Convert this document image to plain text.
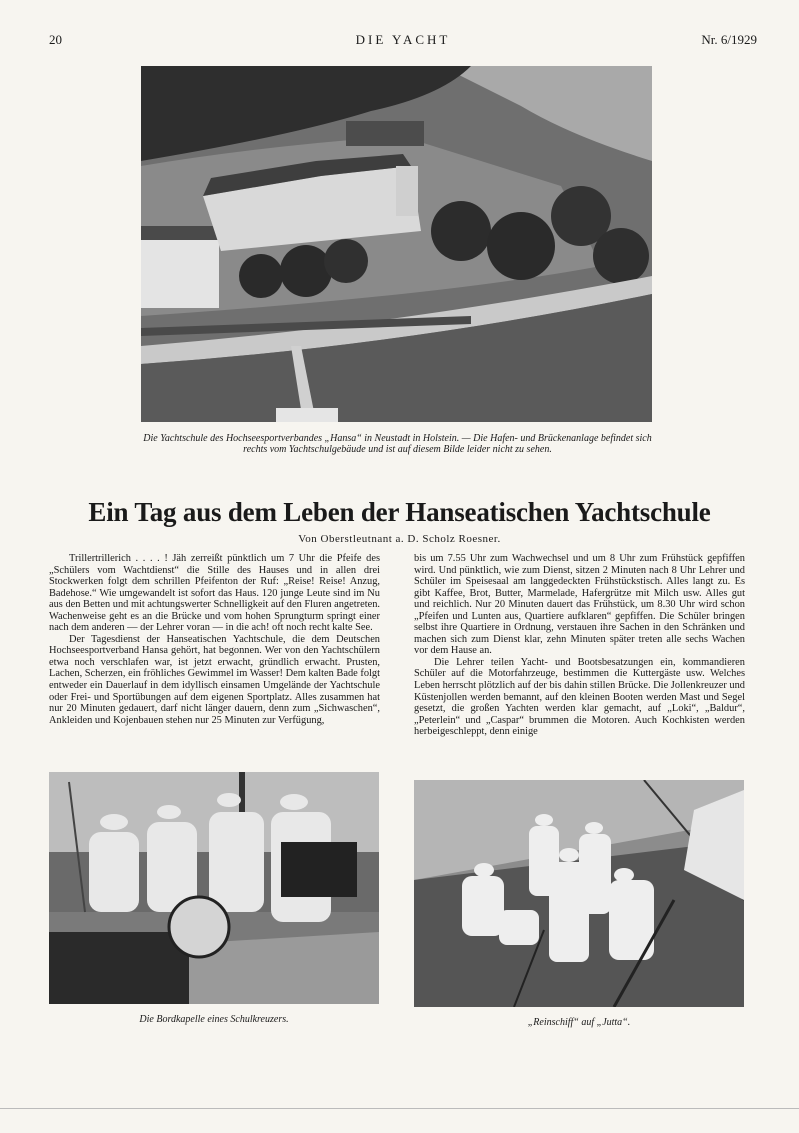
20	DIE YACHT	Nr. 6/1929
Die Yachtschule des Hochseesportverbandes „Hansa“ in Neustadt in Holstein. — Die Hafen- und Brückenanlage befindet sich rechts vom Yachtschulgebäude und ist auf diesem Bilde leider nicht zu sehen.
Ein Tag aus dem Leben der Hanseatischen Yachtschule
Von Oberstleutnant a. D. Scholz Roesner.

Trillertrillerich . . . . ! Jäh zerreißt pünktlich um 7 Uhr die Pfeife des „Schülers vom Wachtdienst“ die Stille des Hauses und in allen drei Stockwerken folgt dem schrillen Pfeifenton der Ruf: „Reise! Reise! Anzug, Badehose.“ Wie umgewandelt ist sofort das Haus. 120 junge Leute sind im Nu aus den Betten und mit achtungswerter Schnelligkeit auf den Fluren angetreten. Wachenweise geht es an die Brücke und vom hohen Sprungturm springt einer nach dem anderen — der Lehrer voran — in die ach! oft noch recht kalte See.

Der Tagesdienst der Hanseatischen Yachtschule, die dem Deutschen Hochseesportverband Hansa gehört, hat begonnen. Wer von den Yachtschülern etwa noch verschlafen war, ist jetzt erwacht, gründlich erwacht. Prusten, Lachen, Scherzen, ein fröhliches Gewimmel im Wasser! Dem kalten Bade folgt entweder ein Dauerlauf in dem idyllisch einsamen Umgelände der Yachtschule oder Frei- und Sportübungen auf dem eigenen Sportplatz. Alles zusammen hat nur 20 Minuten gedauert, darf nicht länger dauern, denn zum „Sichwaschen“, Ankleiden und Kojenbauen stehen nur 25 Minuten zur Verfügung,

bis um 7.55 Uhr zum Wachwechsel und um 8 Uhr zum Frühstück gepfiffen wird. Und pünktlich, wie zum Dienst, sitzen 2 Minuten nach 8 Uhr Lehrer und Schüler im Speisesaal am langgedeckten Frühstückstisch. Alles langt zu. Es gibt Kaffee, Brot, Butter, Marmelade, Hafergrütze mit Milch usw. Alles gut und reichlich. Nur 20 Minuten dauert das Frühstück, um 8.30 Uhr wird schon „Pfeifen und Lunten aus, Quartiere aufklaren“ gepfiffen. Die Schüler bringen selbst ihre Quartiere in Ordnung, verstauen ihre Sachen in den Schränken und machen sich zum Dienst klar, zehn Minuten später treten alle sechs Wachen vor dem Hause an.

Die Lehrer teilen Yacht- und Bootsbesatzungen ein, kommandieren Schüler auf die Motorfahrzeuge, bestimmen die Kuttergäste usw. Welches Leben herrscht plötzlich auf der bis dahin stillen Brücke. Die Jollenkreuzer und Küstenjollen werden bemannt, auf den kleinen Booten werden Mast und Segel gesetzt, die großen Yachten werden klar gemacht, auf „Loki“, „Baldur“, „Peterlein“ und „Caspar“ brummen die Motoren. Auch Kochkisten werden herbeigeschleppt, denn einige

Die Bordkapelle eines Schulkreuzers.	„Reinschiff“ auf „Jutta“.
